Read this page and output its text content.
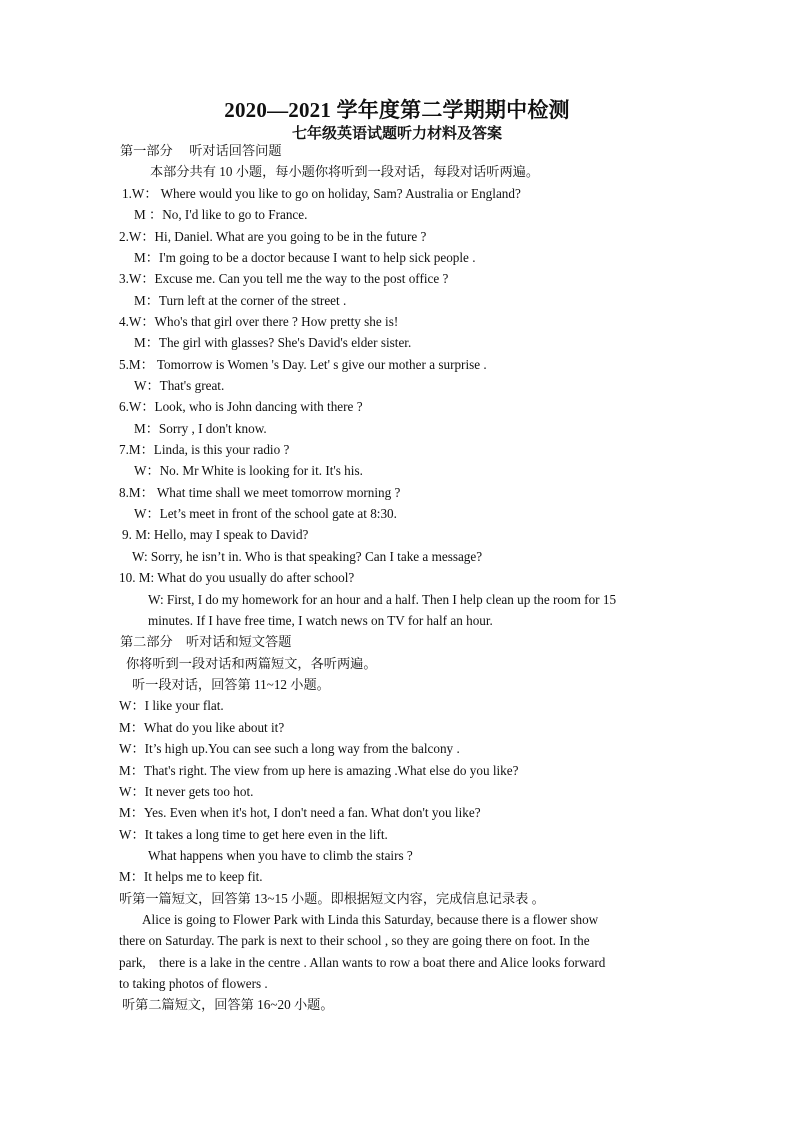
2020—2021 学年度第二学期期中检测
七年级英语试题听力材料及答案
第一部分　 听对话回答问题
本部分共有 10 小题，每小题你将听到一段对话，每段对话听两遍。
1.W： Where would you like to go on holiday, Sam? Australia or England?
M ：No, I'd like to go to France.
2.W：Hi, Daniel. What are you going to be in the future ?
M：I'm going to be a doctor because I want to help sick people .
3.W：Excuse me. Can you tell me the way to the post office ?
M：Turn left at the corner of the street .
4.W：Who's that girl over there ? How pretty she is!
M：The girl with glasses? She's David's elder sister.
5.M： Tomorrow is Women 's Day. Let' s give our mother a surprise .
W：That's great.
6.W：Look, who is John dancing with there ?
M：Sorry , I don't know.
7.M：Linda, is this your radio ?
W：No. Mr White is looking for it. It's his.
8.M： What time shall we meet tomorrow morning ?
W：Let’s meet in front of the school gate at 8:30.
9. M: Hello, may I speak to David?
W: Sorry, he isn’t in. Who is that speaking? Can I take a message?
10. M: What do you usually do after school?
W: First, I do my homework for an hour and a half. Then I help clean up the room for 15
minutes. If I have free time, I watch news on TV for half an hour.
第二部分　听对话和短文答题
你将听到一段对话和两篇短文，各听两遍。
听一段对话，回答第 11~12 小题。
W：I like your flat.
M：What do you like about it?
W：It’s high up.You can see such a long way from the balcony .
M：That's right. The view from up here is amazing .What else do you like?
W：It never gets too hot.
M：Yes. Even when it's hot, I don't need a fan. What don't you like?
W：It takes a long time to get here even in the lift.
What happens when you have to climb the stairs ?
M：It helps me to keep fit.
听第一篇短文，回答第 13~15 小题。即根据短文内容，完成信息记录表 。
Alice is going to Flower Park with Linda this Saturday, because there is a flower show
there on Saturday. The park is next to their school , so they are going there on foot. In the
park,　there is a lake in the centre . Allan wants to row a boat there and Alice looks forward
to taking photos of flowers .
听第二篇短文，回答第 16~20 小题。
